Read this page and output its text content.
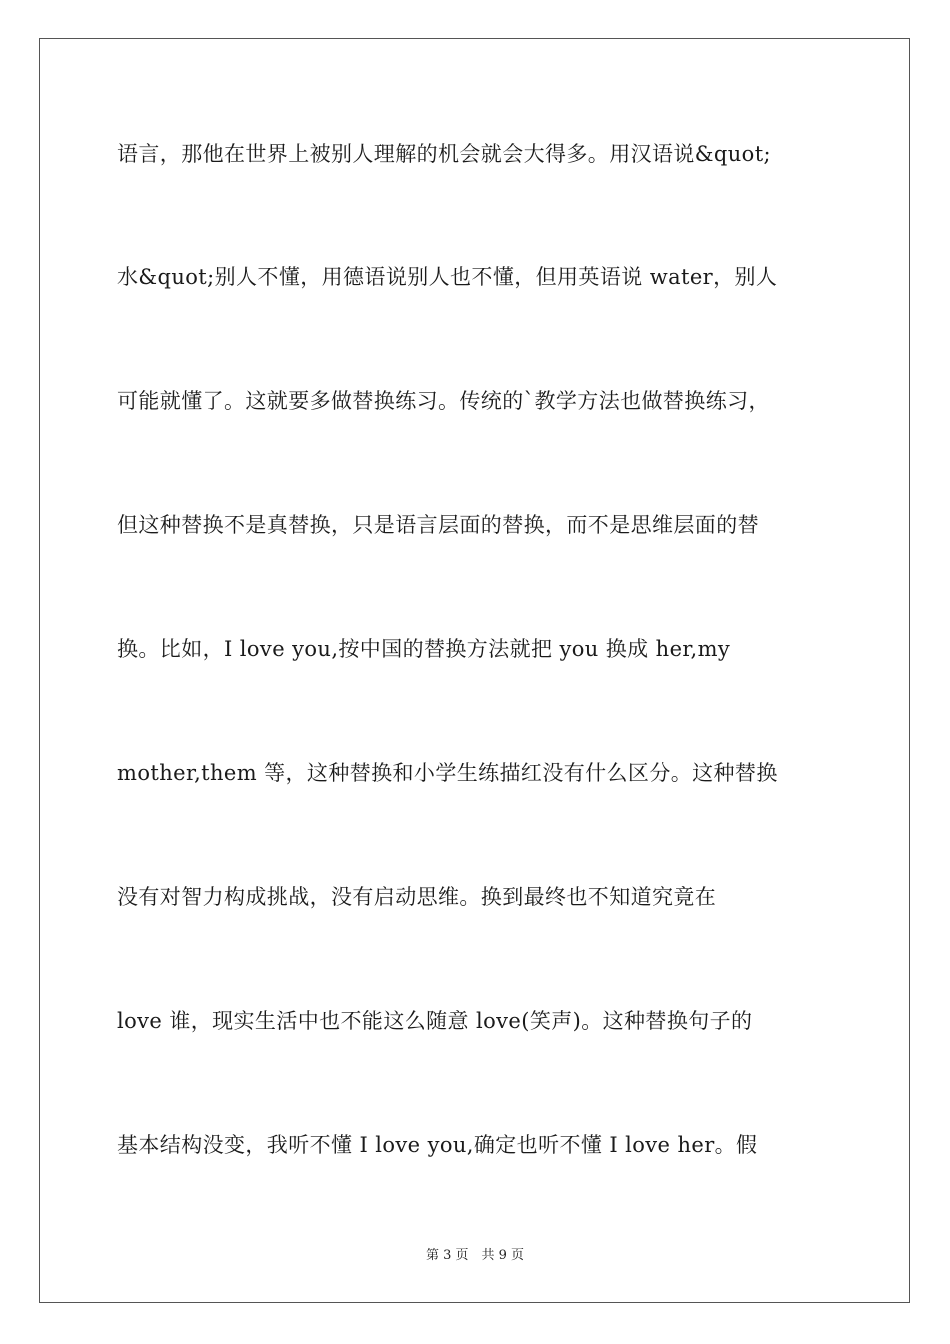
语言，那他在世界上被别人理解的机会就会大得多。用汉语说&quot;
水&quot;别人不懂，用德语说别人也不懂，但用英语说 water，别人
可能就懂了。这就要多做替换练习。传统的`教学方法也做替换练习，
但这种替换不是真替换，只是语言层面的替换，而不是思维层面的替
换。比如，I love you,按中国的替换方法就把 you 换成 her,my
mother,them 等，这种替换和小学生练描红没有什么区分。这种替换
没有对智力构成挑战，没有启动思维。换到最终也不知道究竟在
love 谁，现实生活中也不能这么随意 love(笑声)。这种替换句子的
基本结构没变，我听不懂 I love you,确定也听不懂 I love her。假
第 3 页　共 9 页
